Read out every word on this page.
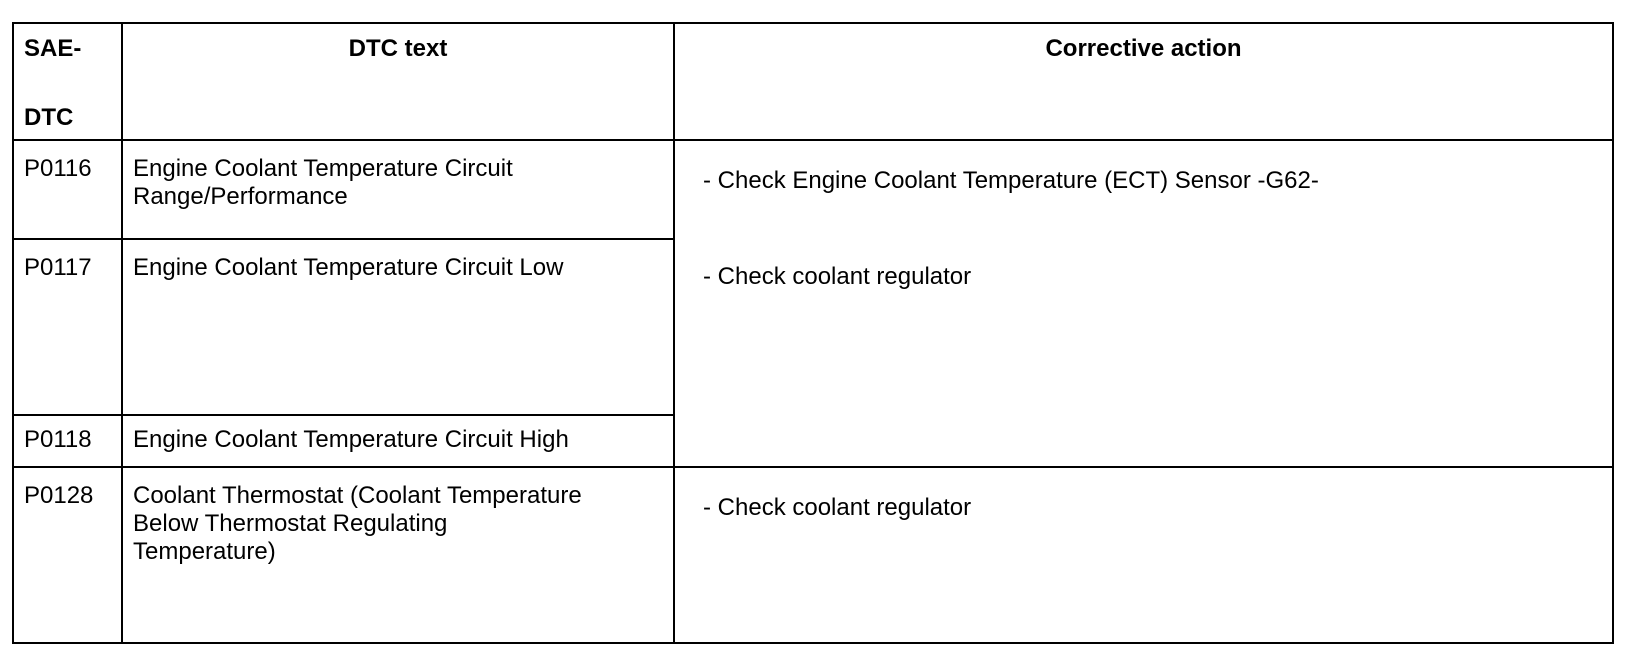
SAE-
DTC	DTC text	Corrective action
P0116	Engine Coolant Temperature Circuit Range/Performance	- Check Engine Coolant Temperature (ECT) Sensor -G62-
- Check coolant regulator

P0117	Engine Coolant Temperature Circuit Low	
P0118	Engine Coolant Temperature Circuit High	
P0128	Coolant Thermostat (Coolant Temperature Below Thermostat Regulating Temperature)	- Check coolant regulator
